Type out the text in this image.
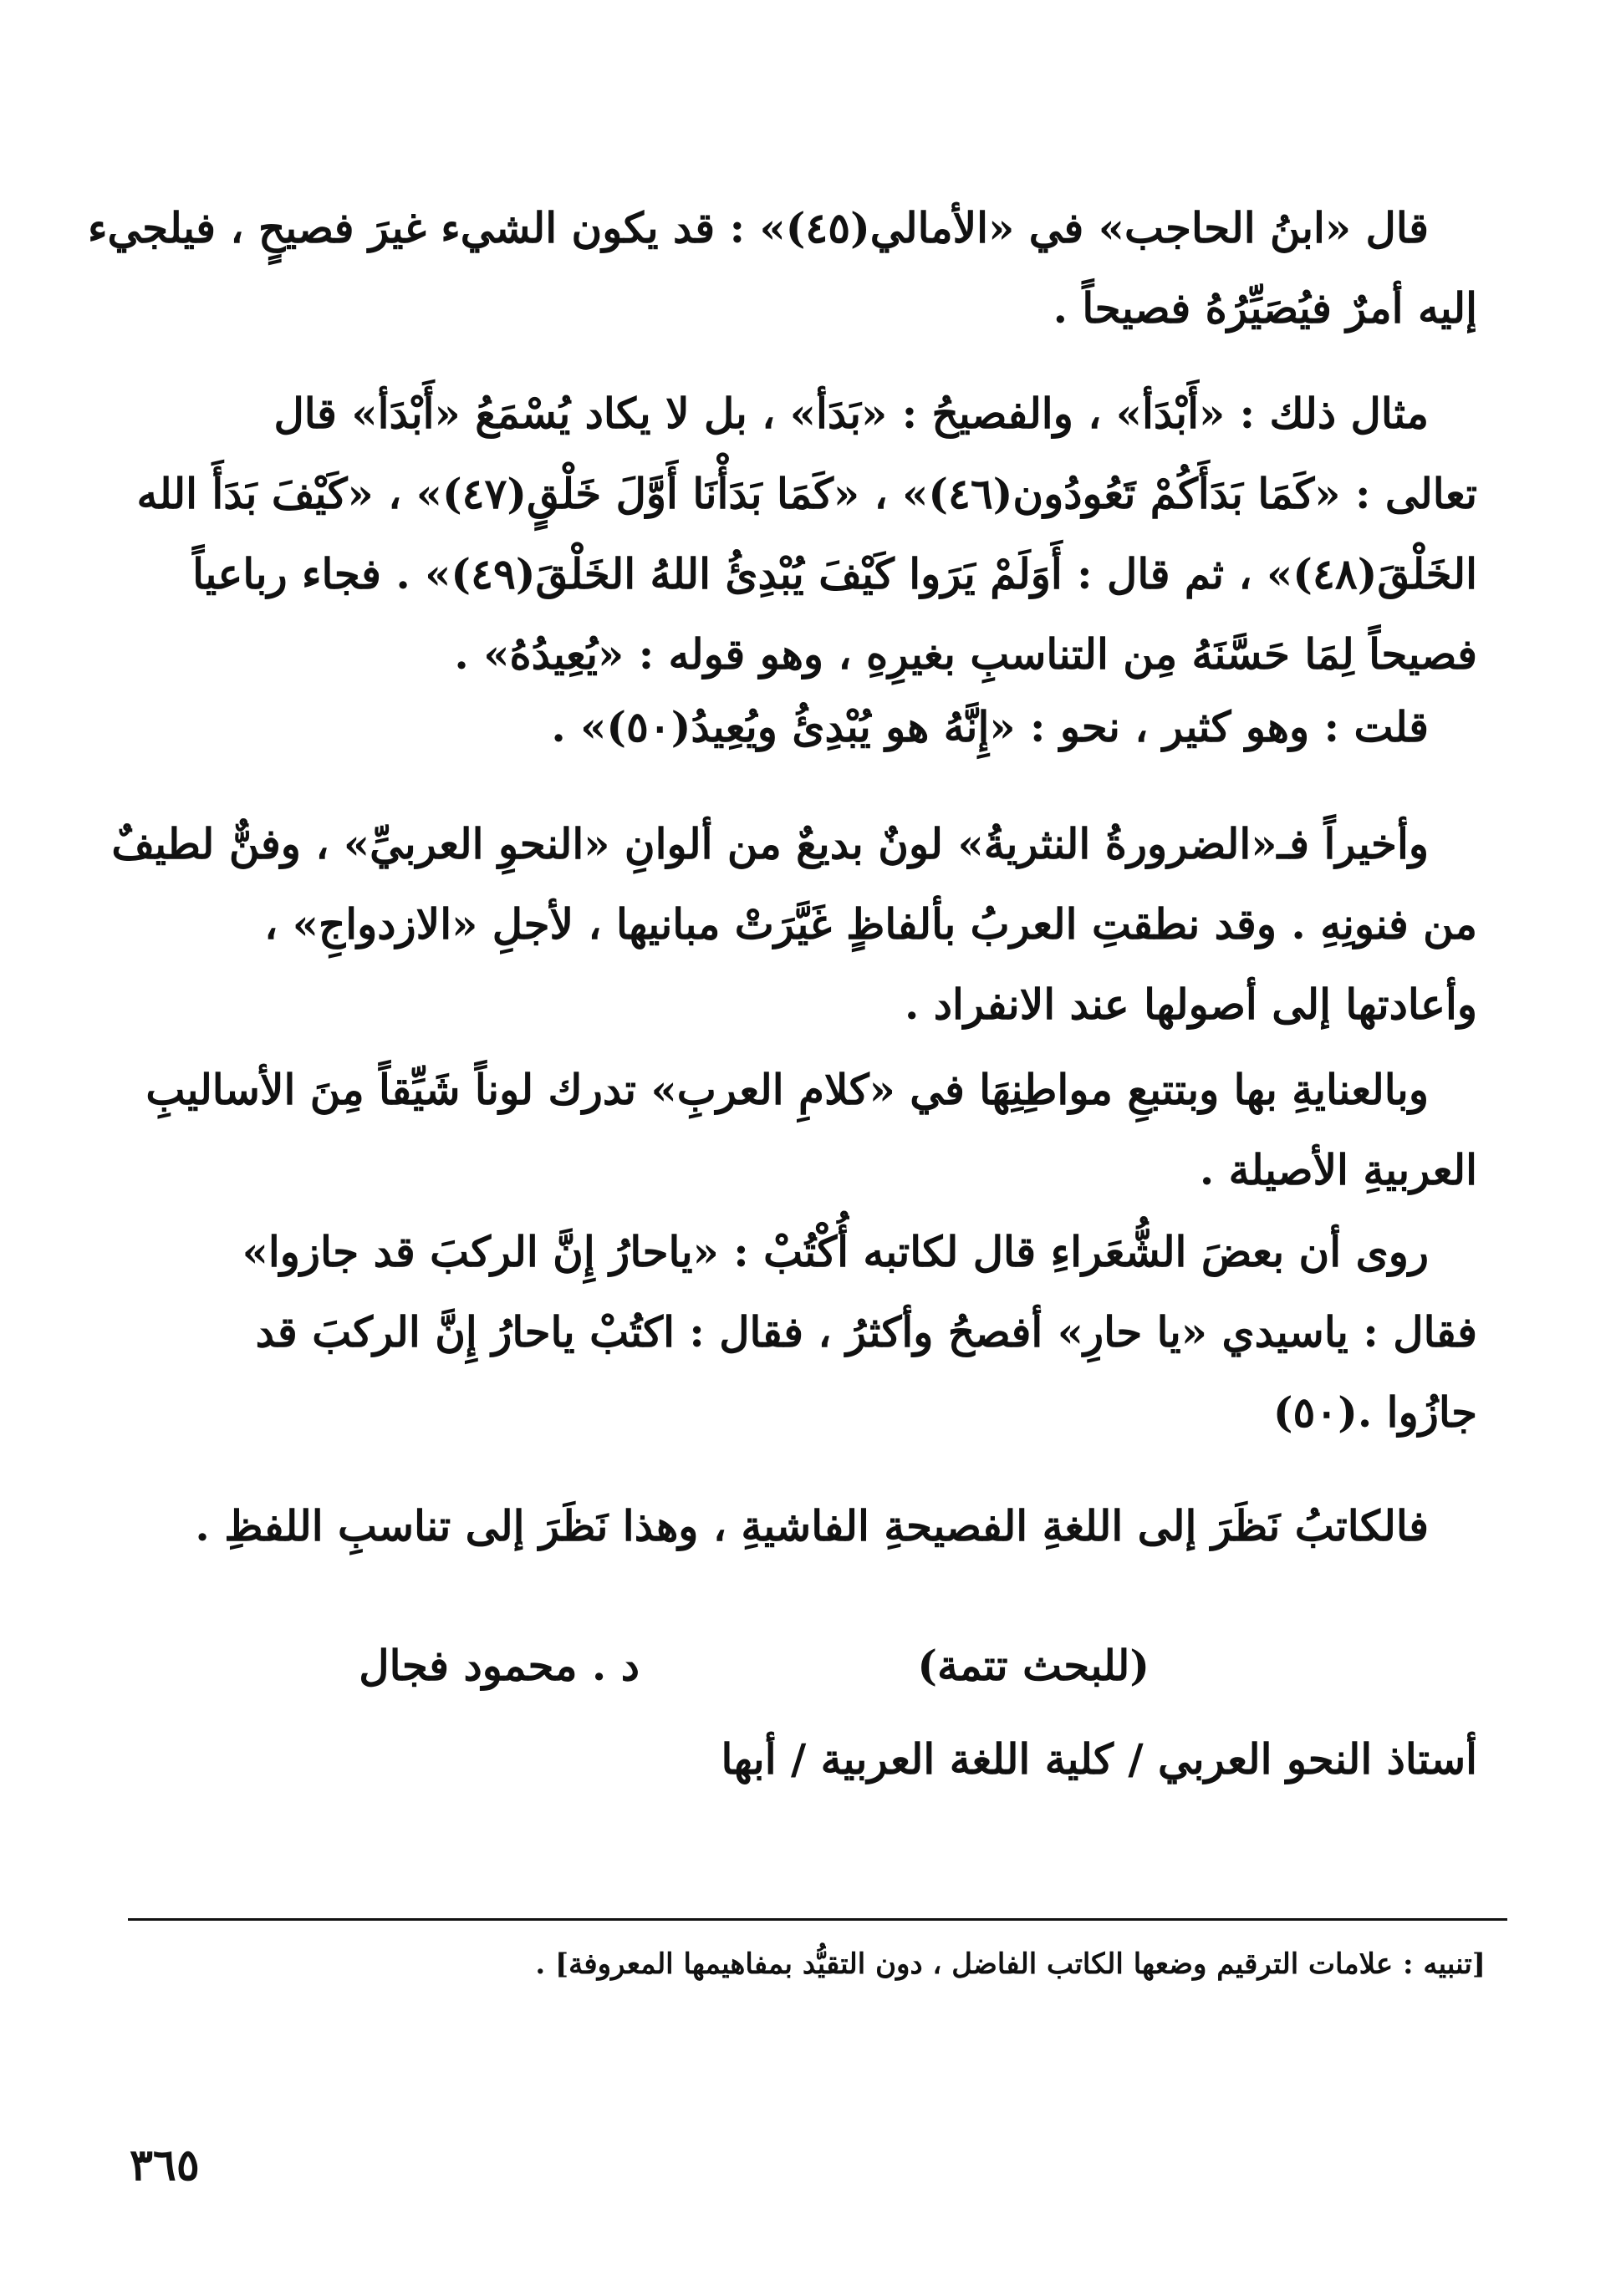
قال «ابنُ الحاجب» في «الأمالي(٤٥)» : قد يكون الشيء غيرَ فصيحٍ ، فيلجيء
إليه أمرٌ فيُصَيِّرُهُ فصيحاً .

مثال ذلك : «أَبْدَأ» ، والفصيحُ : «بَدَأ» ، بل لا يكاد يُسْمَعُ «أَبْدَأ» قال
تعالى : «كَمَا بَدَأَكُمْ تَعُودُون(٤٦)» ، «كَمَا بَدَأْنَا أَوَّلَ خَلْقٍ(٤٧)» ، «كَيْفَ بَدَأَ الله
الخَلْقَ(٤٨)» ، ثم قال : أَوَلَمْ يَرَوا كَيْفَ يُبْدِئُ اللهُ الخَلْقَ(٤٩)» . فجاء رباعياً
فصيحاً لِمَا حَسَّنَهُ مِن التناسبِ بغيرِهِ ، وهو قوله : «يُعِيدُهُ» .

قلت : وهو كثير ، نحو : «إِنَّهُ هو يُبْدِئُ ويُعِيدُ(٥٠)» .

وأخيراً فـ«الضرورةُ النثريةُ» لونٌ بديعٌ من ألوانِ «النحوِ العربيِّ» ، وفنٌّ لطيفٌ
من فنونِهِ . وقد نطقتِ العربُ بألفاظٍ غَيَّرَتْ مبانيها ، لأجلِ «الازدواجِ» ،
وأعادتها إلى أصولها عند الانفراد .

وبالعنايةِ بها وبتتبعِ مواطِنِهَا في «كلامِ العربِ» تدرك لوناً شَيِّقاً مِنَ الأساليبِ
العربيةِ الأصيلة .

روى أن بعضَ الشُّعَراءِ قال لكاتبه أُكْتُبْ : «ياحارُ إِنَّ الركبَ قد جازوا»
فقال : ياسيدي «يا حارِ» أفصحُ وأكثرُ ، فقال : اكتُبْ ياحارُ إِنَّ الركبَ قد
جازُوا .(٥٠)

فالكاتبُ نَظَرَ إلى اللغةِ الفصيحةِ الفاشيةِ ، وهذا نَظَرَ إلى تناسبِ اللفظِ .

(للبحث تتمة)
د . محمود فجال
أستاذ النحو العربي / كلية اللغة العربية / أبها
[تنبيه : علامات الترقيم وضعها الكاتب الفاضل ، دون التقيُّد بمفاهيمها المعروفة] .
٣٦٥
